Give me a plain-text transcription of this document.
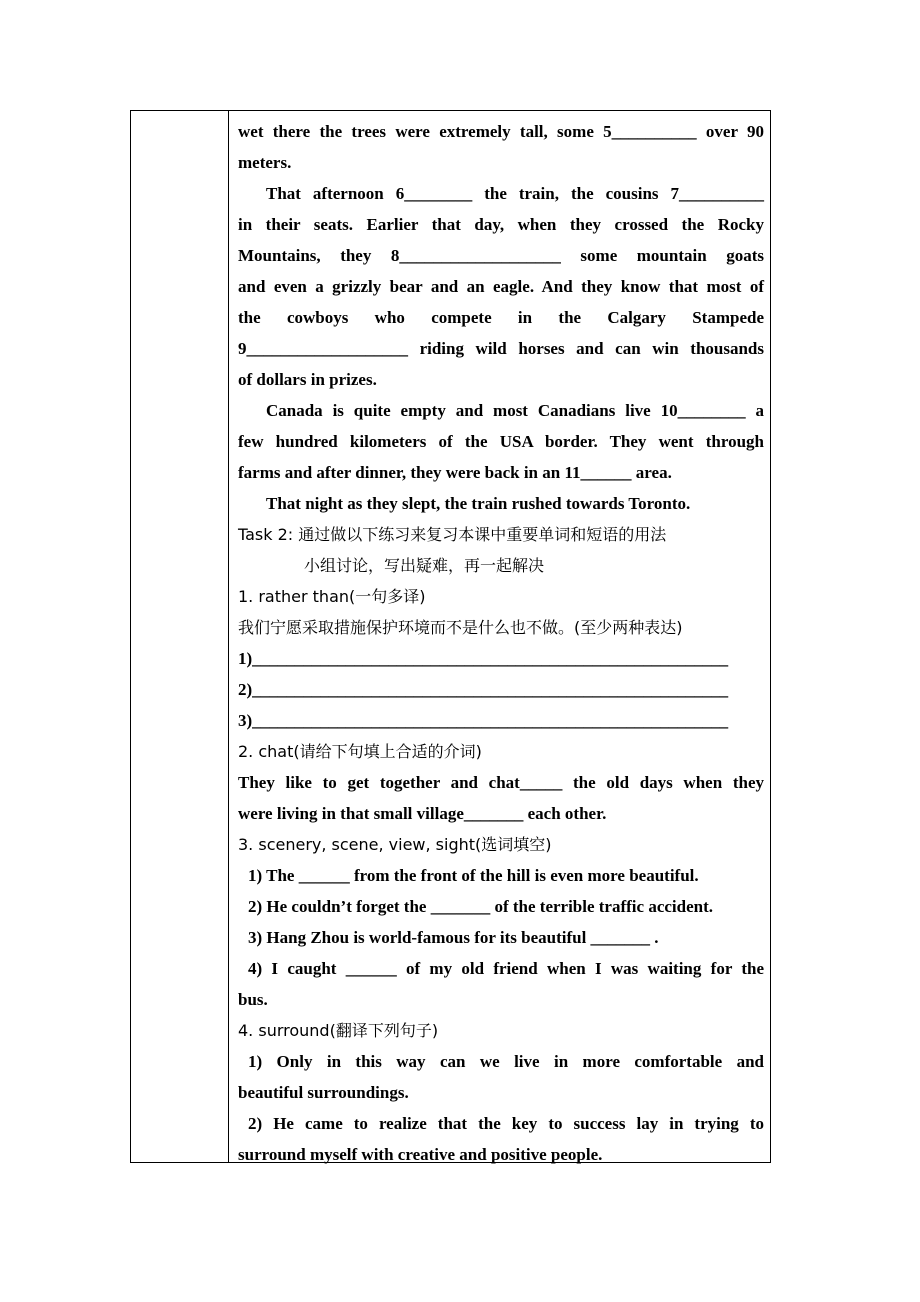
wet there the trees were extremely tall, some 5__________ over 90
meters.
That afternoon 6________ the train, the cousins 7__________
in their seats. Earlier that day, when they crossed the Rocky
Mountains, they 8___________________ some mountain goats
and even a grizzly bear and an eagle. And they know that most of
the cowboys who compete in the Calgary Stampede
9___________________ riding wild horses and can win thousands
of dollars in prizes.
Canada is quite empty and most Canadians live 10________ a
few hundred kilometers of the USA border. They went through
farms and after dinner, they were back in an 11______ area.
That night as they slept, the train rushed towards Toronto.
Task 2: 通过做以下练习来复习本课中重要单词和短语的用法
小组讨论，写出疑难，再一起解决
1. rather than(一句多译)
我们宁愿采取措施保护环境而不是什么也不做。(至少两种表达)
1)________________________________________________________
2)________________________________________________________
3)________________________________________________________
2. chat(请给下句填上合适的介词)
They like to get together and chat_____ the old days when they
were living in that small village_______ each other.
3. scenery, scene, view, sight(选词填空)
1) The ______ from the front of the hill is even more beautiful.
2) He couldn’t forget the _______ of the terrible traffic accident.
3) Hang Zhou is world-famous for its beautiful _______ .
4) I caught ______ of my old friend when I was waiting for the
bus.
4. surround(翻译下列句子)
1) Only in this way can we live in more comfortable and
beautiful surroundings.
2) He came to realize that the key to success lay in trying to
surround myself with creative and positive people.
